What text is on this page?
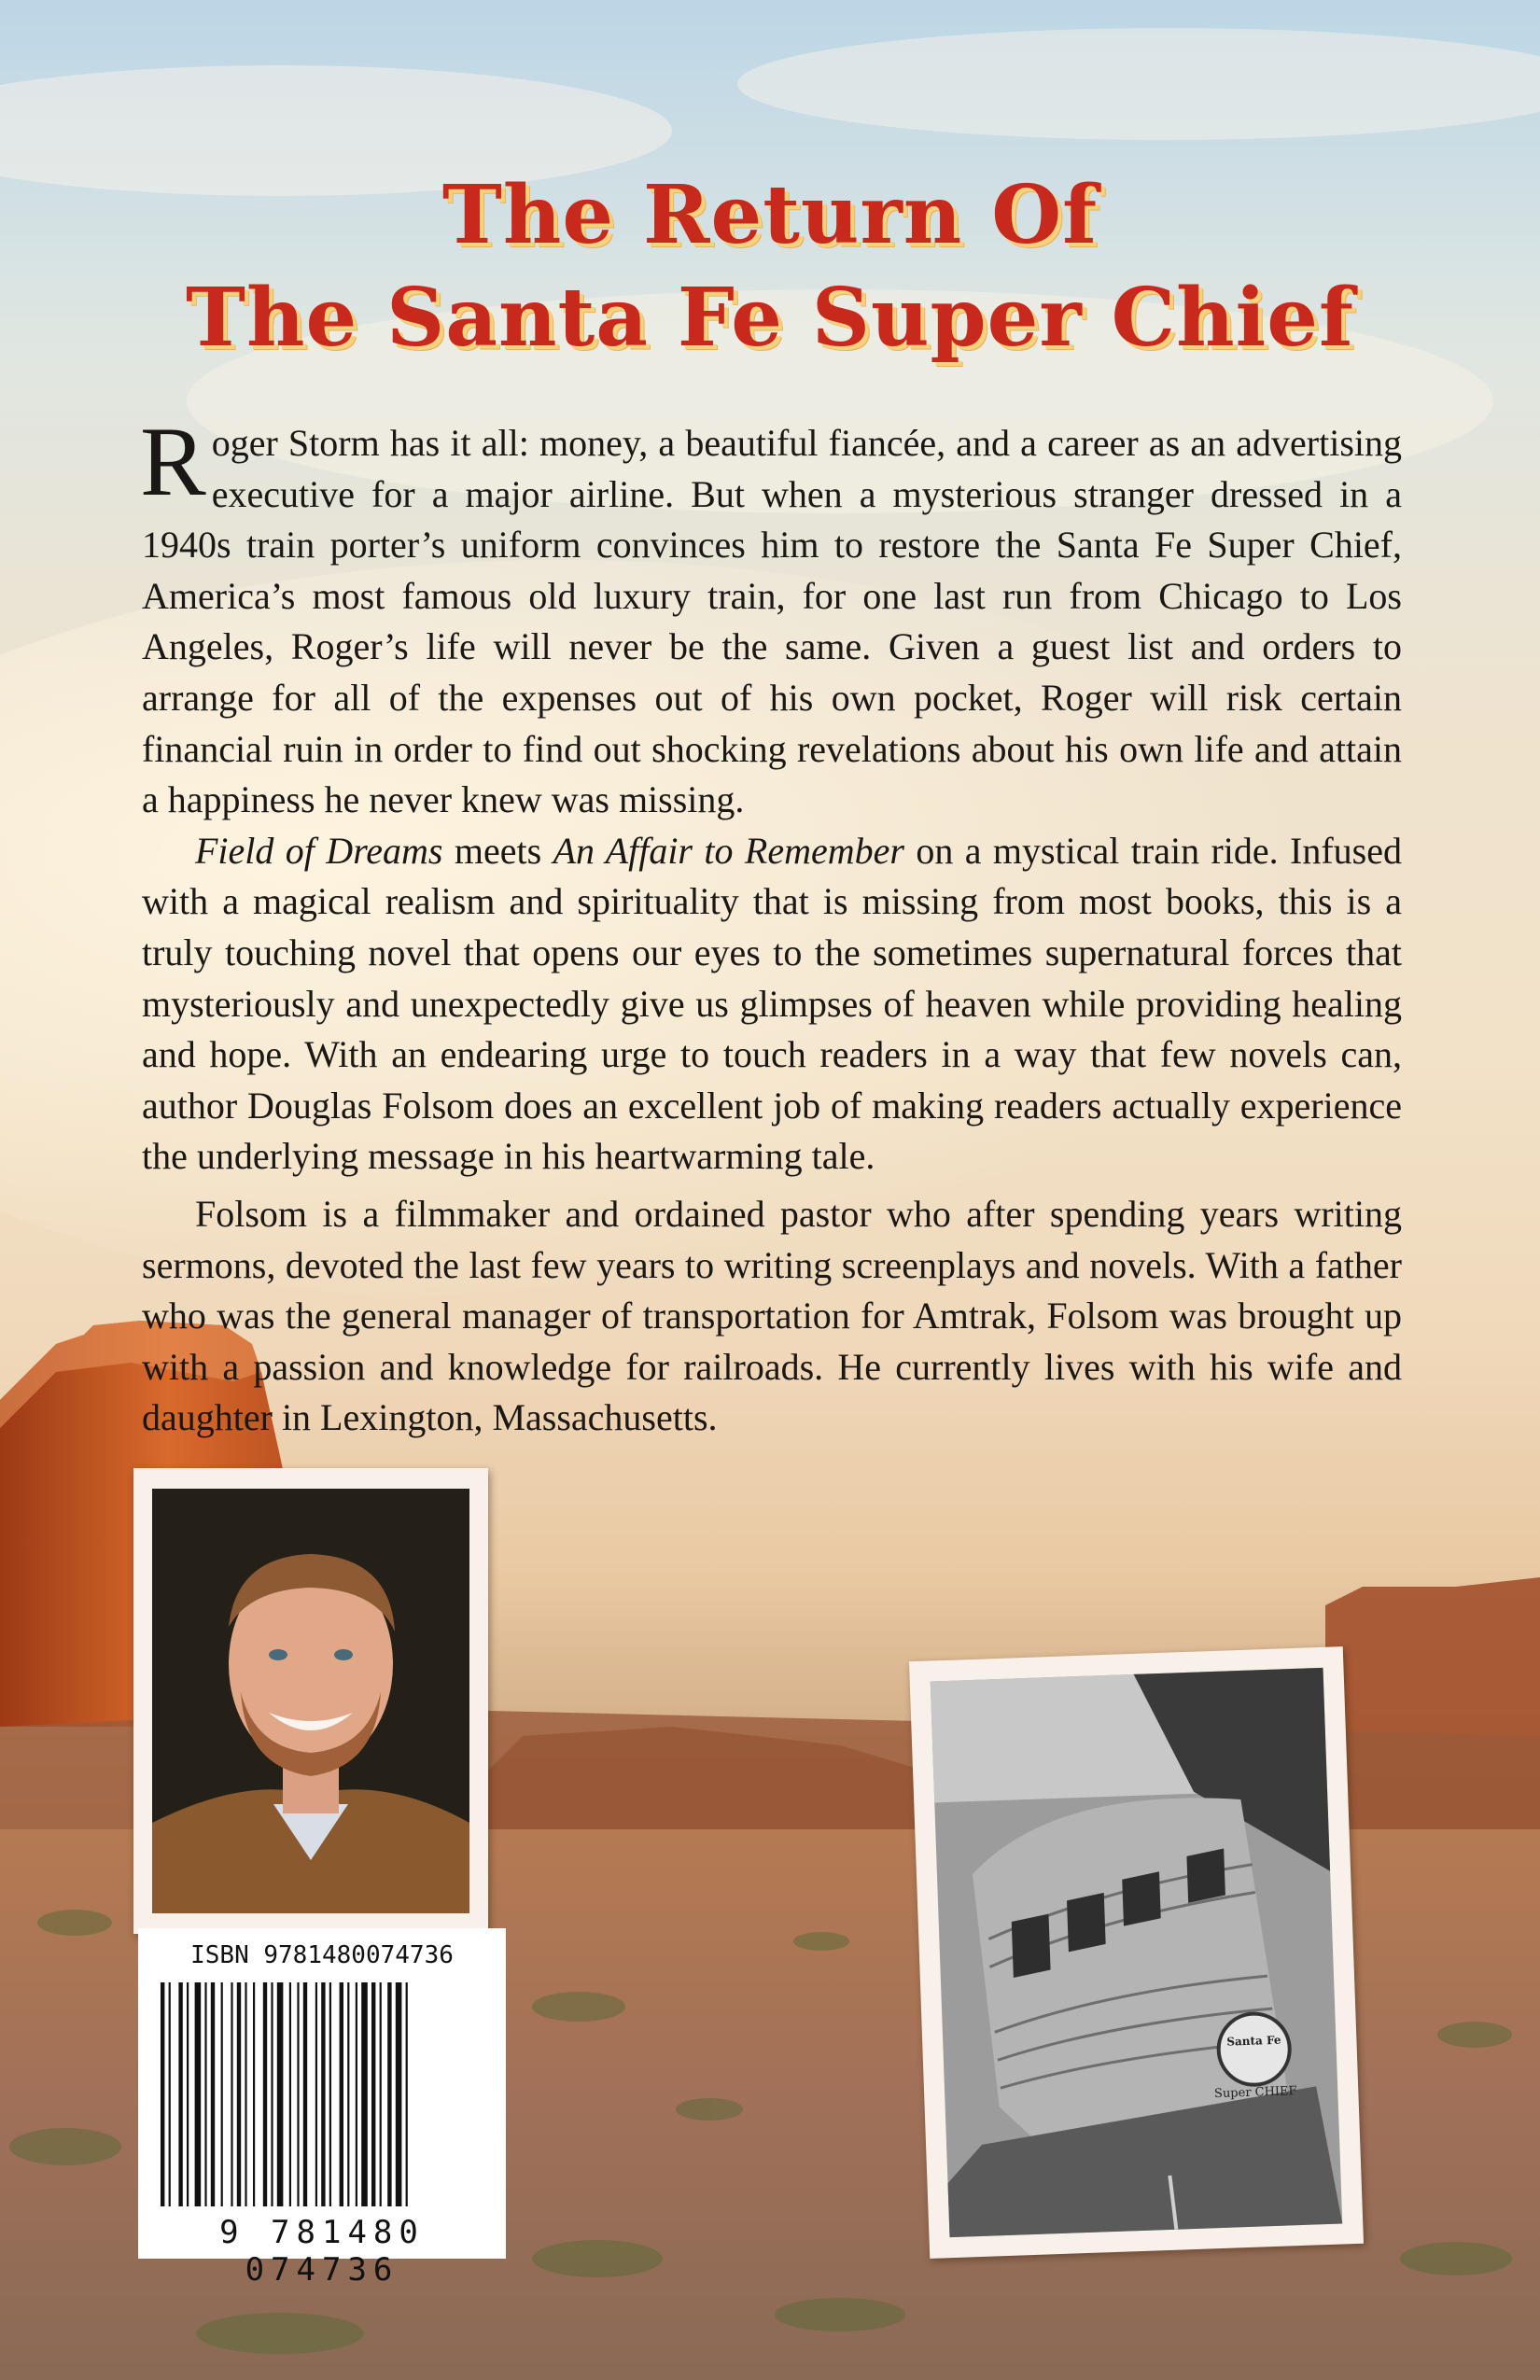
The Return Of
The Santa Fe Super Chief

Roger Storm has it all: money, a beautiful fiancée, and a career as an advertising executive for a major airline. But when a mysterious stranger dressed in a 1940s train porter’s uniform convinces him to restore the Santa Fe Super Chief, America’s most famous old luxury train, for one last run from Chicago to Los Angeles, Roger’s life will never be the same. Given a guest list and orders to arrange for all of the expenses out of his own pocket, Roger will risk certain financial ruin in order to find out shocking revelations about his own life and attain a happiness he never knew was missing.

Field of Dreams meets An Affair to Remember on a mystical train ride. Infused with a magical realism and spirituality that is missing from most books, this is a truly touching novel that opens our eyes to the sometimes supernatural forces that mysteriously and unexpectedly give us glimpses of heaven while providing healing and hope. With an endearing urge to touch readers in a way that few novels can, author Douglas Folsom does an excellent job of making readers actually experience the underlying message in his heartwarming tale.

Folsom is a filmmaker and ordained pastor who after spending years writing sermons, devoted the last few years to writing screenplays and novels. With a father who was the general manager of transportation for Amtrak, Folsom was brought up with a passion and knowledge for railroads. He currently lives with his wife and daughter in Lexington, Massachusetts.

Santa Fe
Super CHIEF
ISBN 9781480074736
9 781480 074736
